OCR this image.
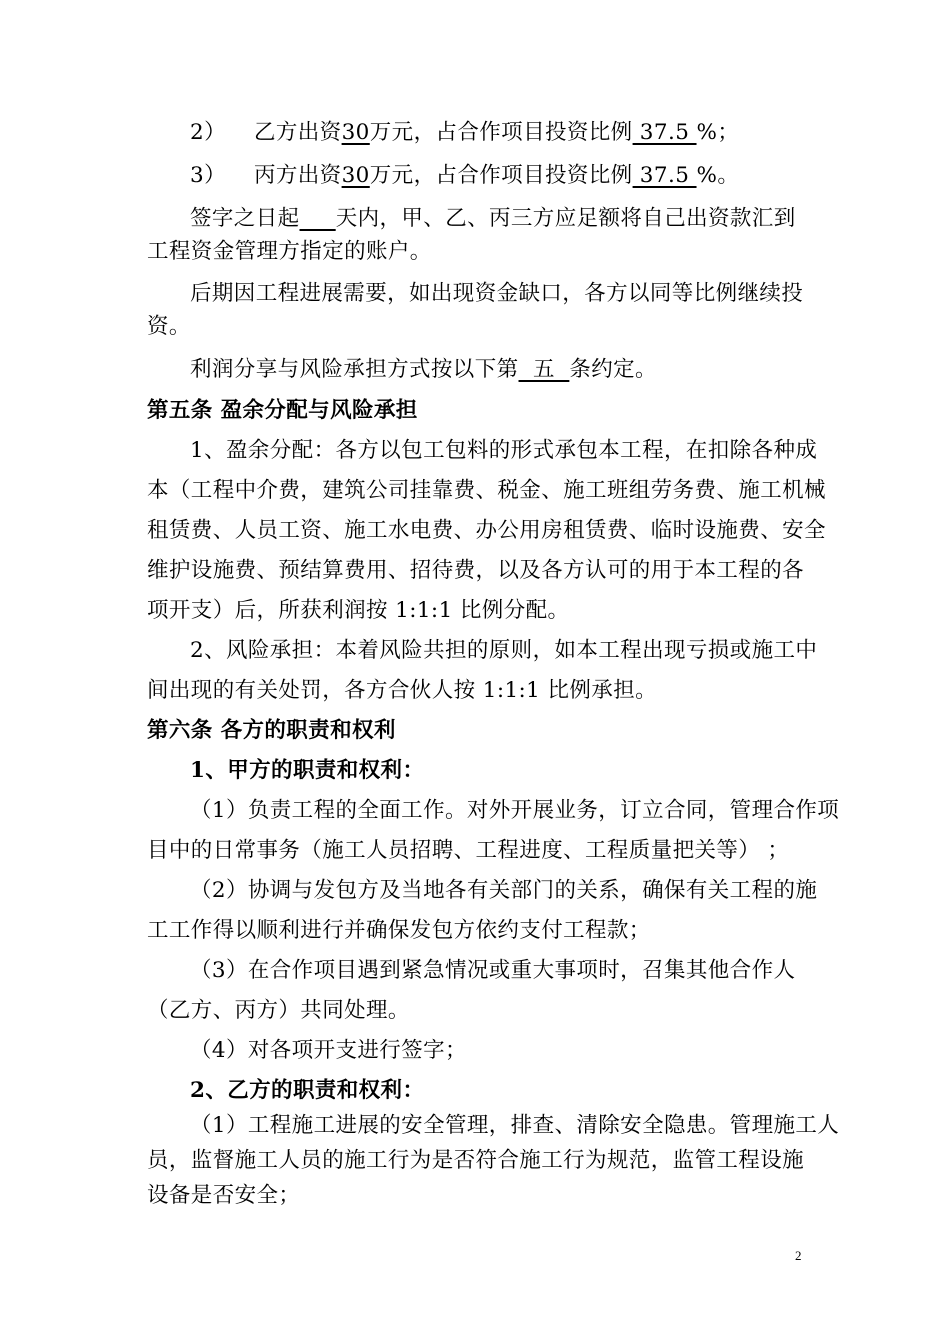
2） 乙方出资30万元，占合作项目投资比例 37.5 %；
3） 丙方出资30万元，占合作项目投资比例 37.5 %。
签字之日起 天内，甲、乙、丙三方应足额将自己出资款汇到
工程资金管理方指定的账户。
后期因工程进展需要，如出现资金缺口，各方以同等比例继续投
资。
利润分享与风险承担方式按以下第  五  条约定。
第五条 盈余分配与风险承担
1、盈余分配：各方以包工包料的形式承包本工程，在扣除各种成
本（工程中介费，建筑公司挂靠费、税金、施工班组劳务费、施工机械
租赁费、人员工资、施工水电费、办公用房租赁费、临时设施费、安全
维护设施费、预结算费用、招待费，以及各方认可的用于本工程的各
项开支）后，所获利润按 1:1:1 比例分配。
2、风险承担：本着风险共担的原则，如本工程出现亏损或施工中
间出现的有关处罚，各方合伙人按 1:1:1 比例承担。
第六条 各方的职责和权利
1、甲方的职责和权利：
（1）负责工程的全面工作。对外开展业务，订立合同，管理合作项
目中的日常事务（施工人员招聘、工程进度、工程质量把关等） ；
（2）协调与发包方及当地各有关部门的关系，确保有关工程的施
工工作得以顺利进行并确保发包方依约支付工程款；
（3）在合作项目遇到紧急情况或重大事项时，召集其他合作人
（乙方、丙方）共同处理。
（4）对各项开支进行签字；
2、乙方的职责和权利：
（1）工程施工进展的安全管理，排查、清除安全隐患。管理施工人
员，监督施工人员的施工行为是否符合施工行为规范，监管工程设施
设备是否安全；
2
